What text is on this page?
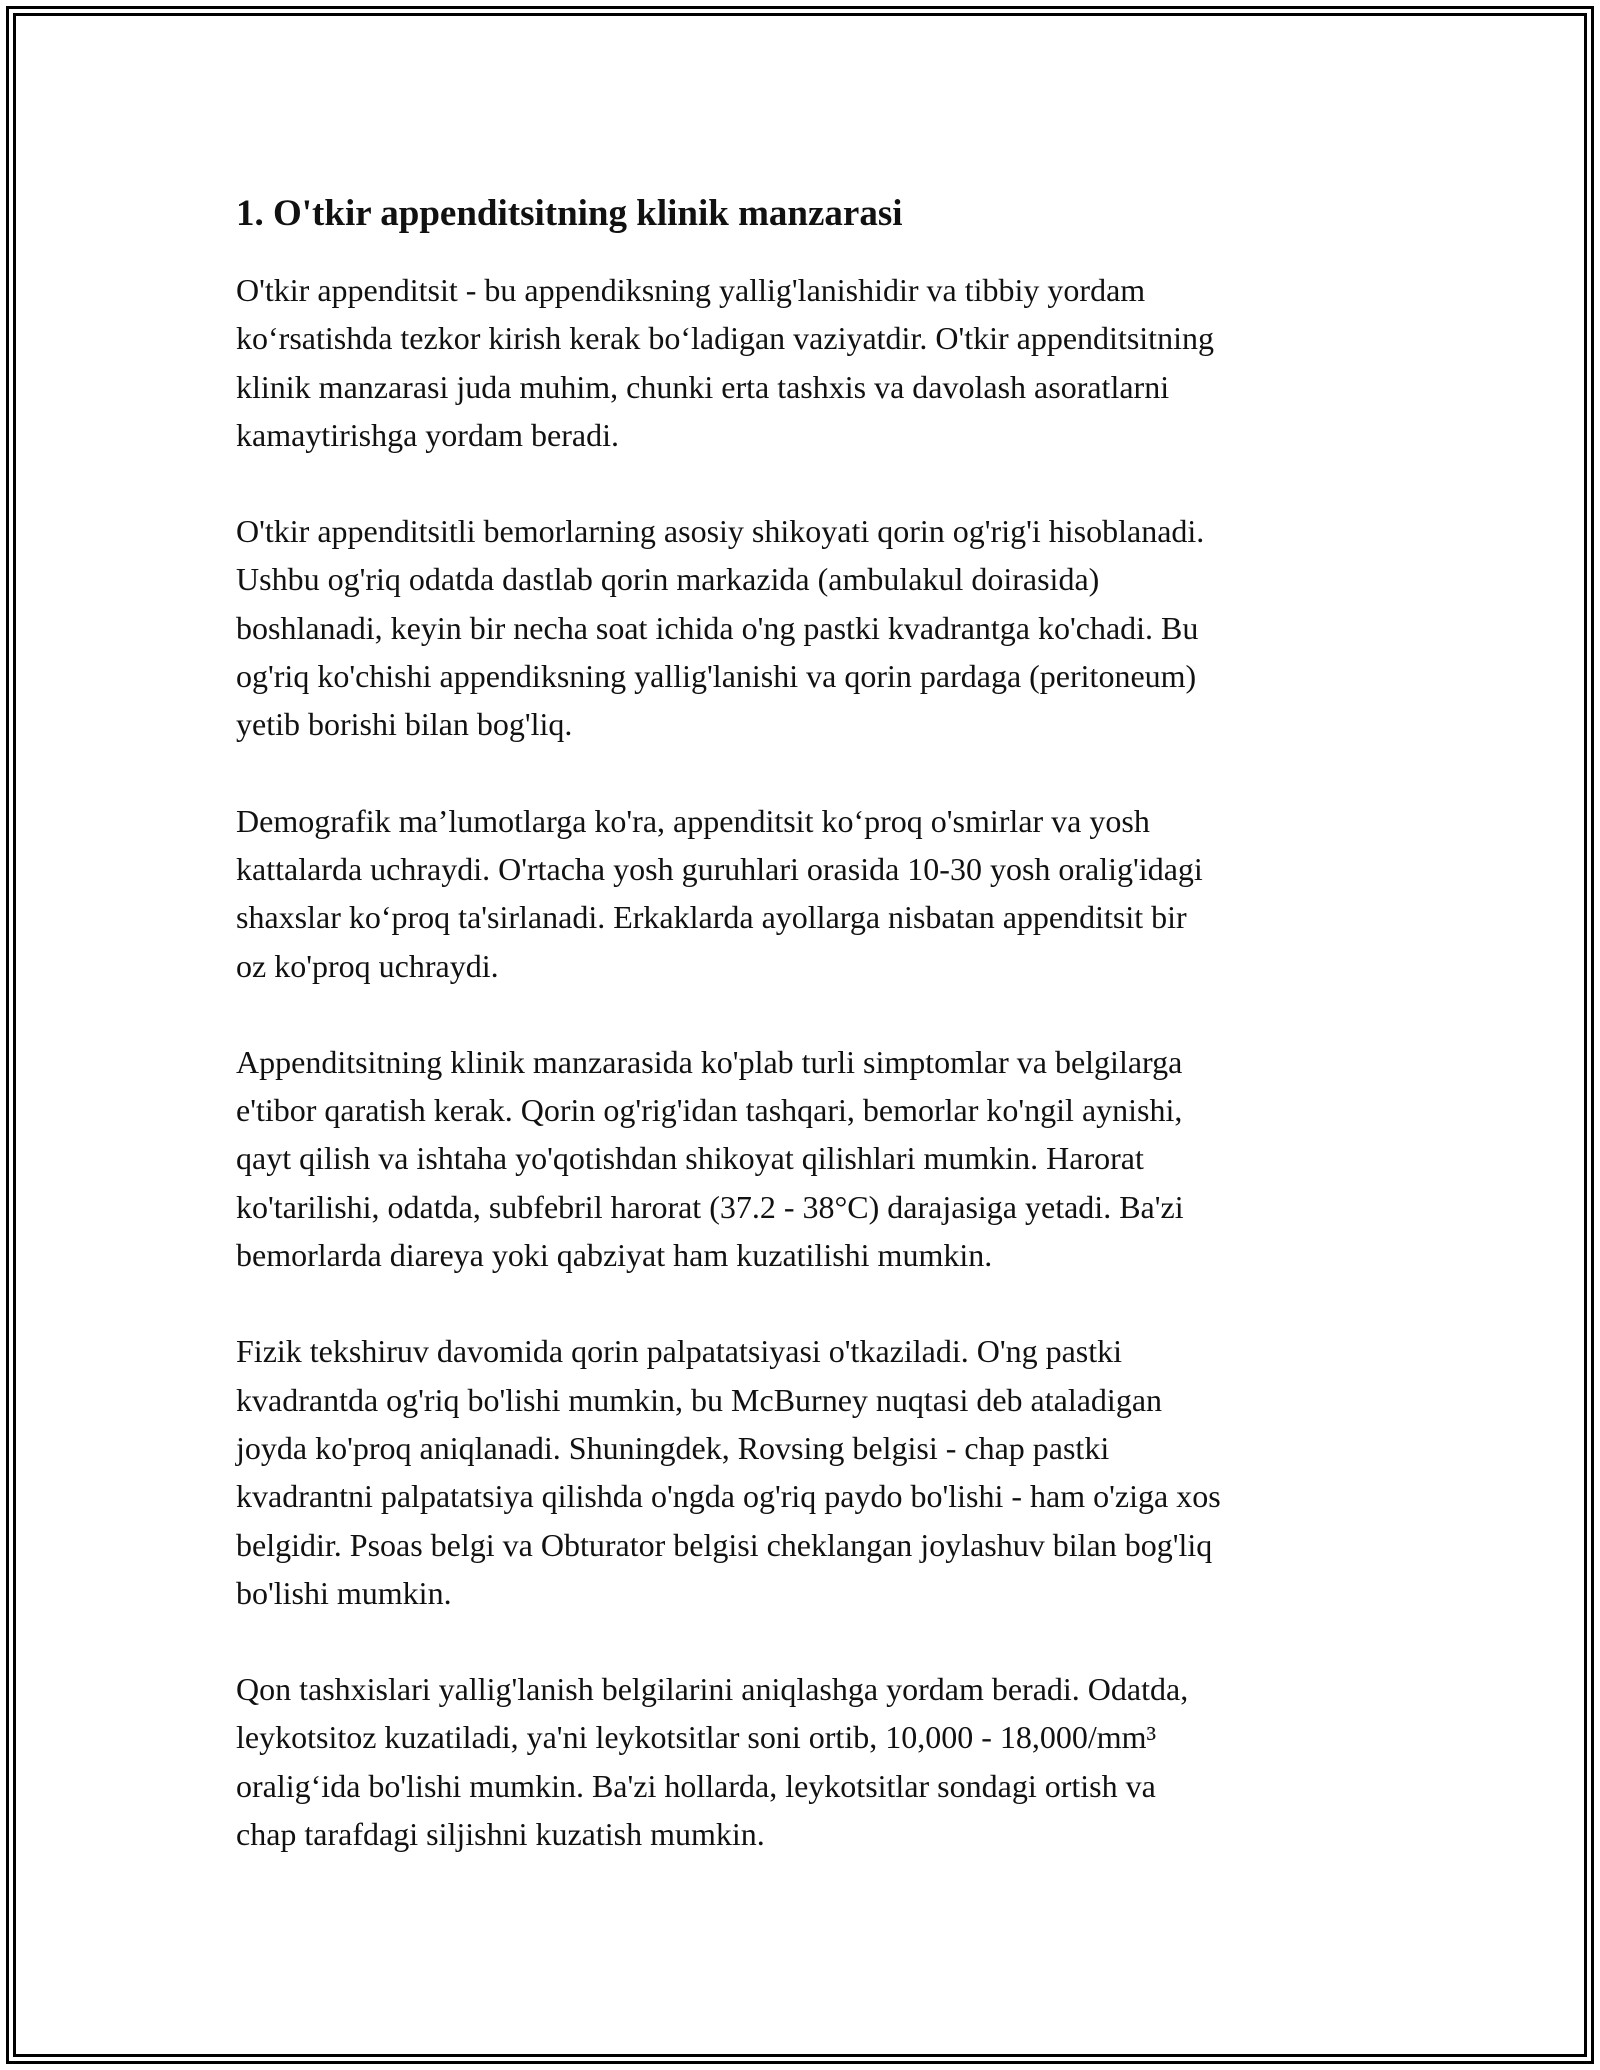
1. O'tkir appenditsitning klinik manzarasi

O'tkir appenditsit - bu appendiksning yallig'lanishidir va tibbiy yordam
ko‘rsatishda tezkor kirish kerak bo‘ladigan vaziyatdir. O'tkir appenditsitning
klinik manzarasi juda muhim, chunki erta tashxis va davolash asoratlarni
kamaytirishga yordam beradi.

O'tkir appenditsitli bemorlarning asosiy shikoyati qorin og'rig'i hisoblanadi.
Ushbu og'riq odatda dastlab qorin markazida (ambulakul doirasida)
boshlanadi, keyin bir necha soat ichida o'ng pastki kvadrantga ko'chadi. Bu
og'riq ko'chishi appendiksning yallig'lanishi va qorin pardaga (peritoneum)
yetib borishi bilan bog'liq.

Demografik ma’lumotlarga ko'ra, appenditsit ko‘proq o'smirlar va yosh
kattalarda uchraydi. O'rtacha yosh guruhlari orasida 10-30 yosh oralig'idagi
shaxslar ko‘proq ta'sirlanadi. Erkaklarda ayollarga nisbatan appenditsit bir
oz ko'proq uchraydi.

Appenditsitning klinik manzarasida ko'plab turli simptomlar va belgilarga
e'tibor qaratish kerak. Qorin og'rig'idan tashqari, bemorlar ko'ngil aynishi,
qayt qilish va ishtaha yo'qotishdan shikoyat qilishlari mumkin. Harorat
ko'tarilishi, odatda, subfebril harorat (37.2 - 38°C) darajasiga yetadi. Ba'zi
bemorlarda diareya yoki qabziyat ham kuzatilishi mumkin.

Fizik tekshiruv davomida qorin palpatatsiyasi o'tkaziladi. O'ng pastki
kvadrantda og'riq bo'lishi mumkin, bu McBurney nuqtasi deb ataladigan
joyda ko'proq aniqlanadi. Shuningdek, Rovsing belgisi - chap pastki
kvadrantni palpatatsiya qilishda o'ngda og'riq paydo bo'lishi - ham o'ziga xos
belgidir. Psoas belgi va Obturator belgisi cheklangan joylashuv bilan bog'liq
bo'lishi mumkin.

Qon tashxislari yallig'lanish belgilarini aniqlashga yordam beradi. Odatda,
leykotsitoz kuzatiladi, ya'ni leykotsitlar soni ortib, 10,000 - 18,000/mm³
oralig‘ida bo'lishi mumkin. Ba'zi hollarda, leykotsitlar sondagi ortish va
chap tarafdagi siljishni kuzatish mumkin.
